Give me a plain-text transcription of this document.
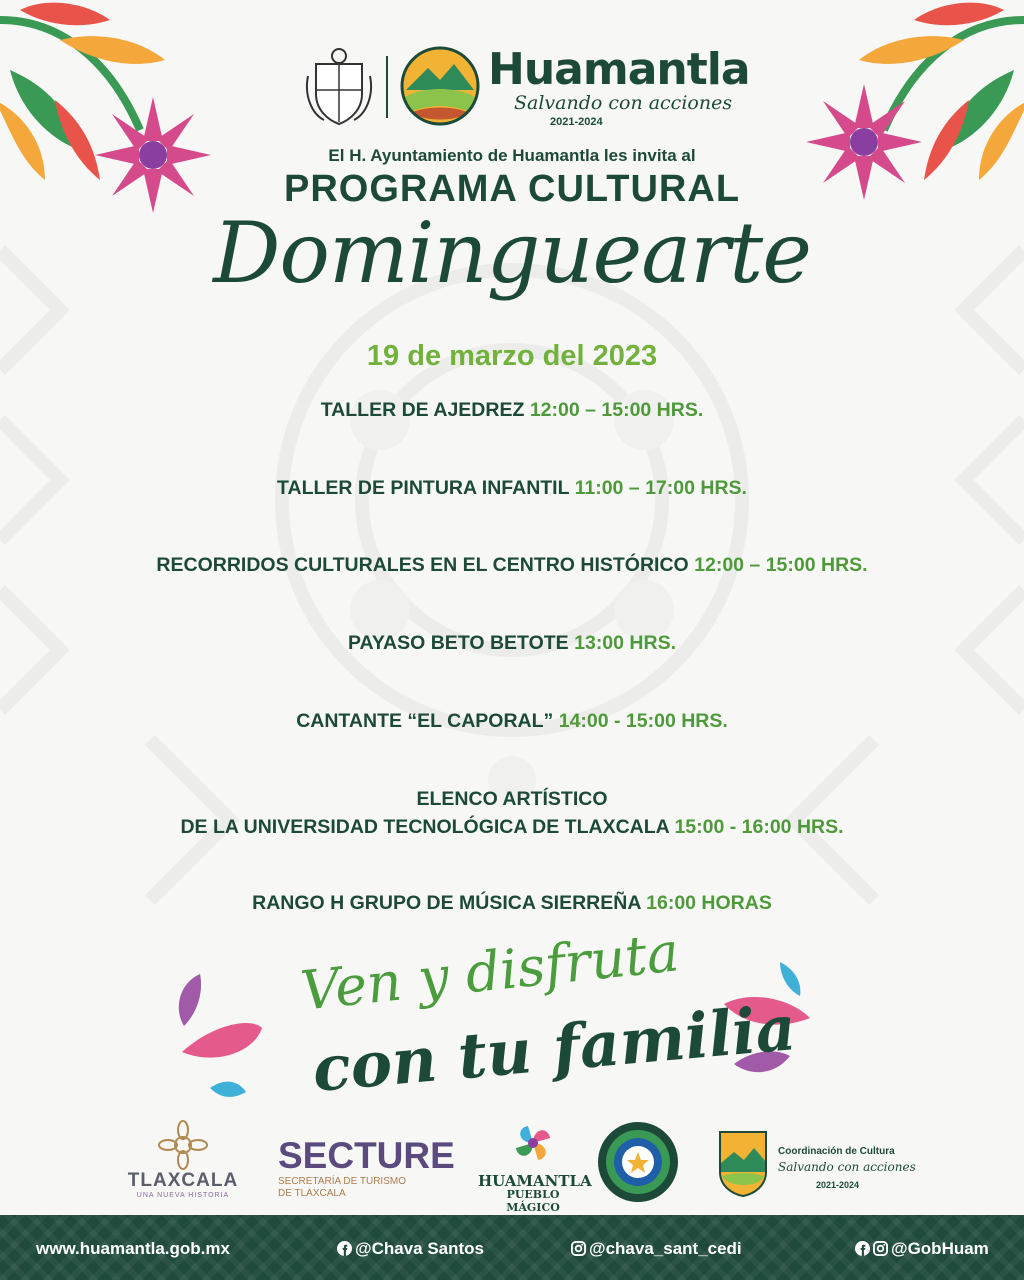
Huamantla
Salvando con acciones
2021-2024
El H. Ayuntamiento de Huamantla les invita al
PROGRAMA CULTURAL
Dominguearte
19 de marzo del 2023
TALLER DE AJEDREZ 12:00 – 15:00 HRS.
TALLER DE PINTURA INFANTIL 11:00 – 17:00 HRS.
RECORRIDOS CULTURALES EN EL CENTRO HISTÓRICO 12:00 – 15:00 HRS.
PAYASO BETO BETOTE 13:00 HRS.
CANTANTE “EL CAPORAL” 14:00 - 15:00 HRS.
ELENCO ARTÍSTICO
DE LA UNIVERSIDAD TECNOLÓGICA DE TLAXCALA 15:00 - 16:00 HRS.
RANGO H GRUPO DE MÚSICA SIERREÑA 16:00 HORAS
Ven y disfruta
con tu familia
TLAXCALA
UNA NUEVA HISTORIA
SECTURE
SECRETARÍA DE TURISMO
DE TLAXCALA
HUAMANTLA
PUEBLO MÁGICO
Coordinación de Cultura
Salvando con acciones
2021-2024
www.huamantla.gob.mx	@Chava Santos	@chava_sant_cedi	@GobHuam
